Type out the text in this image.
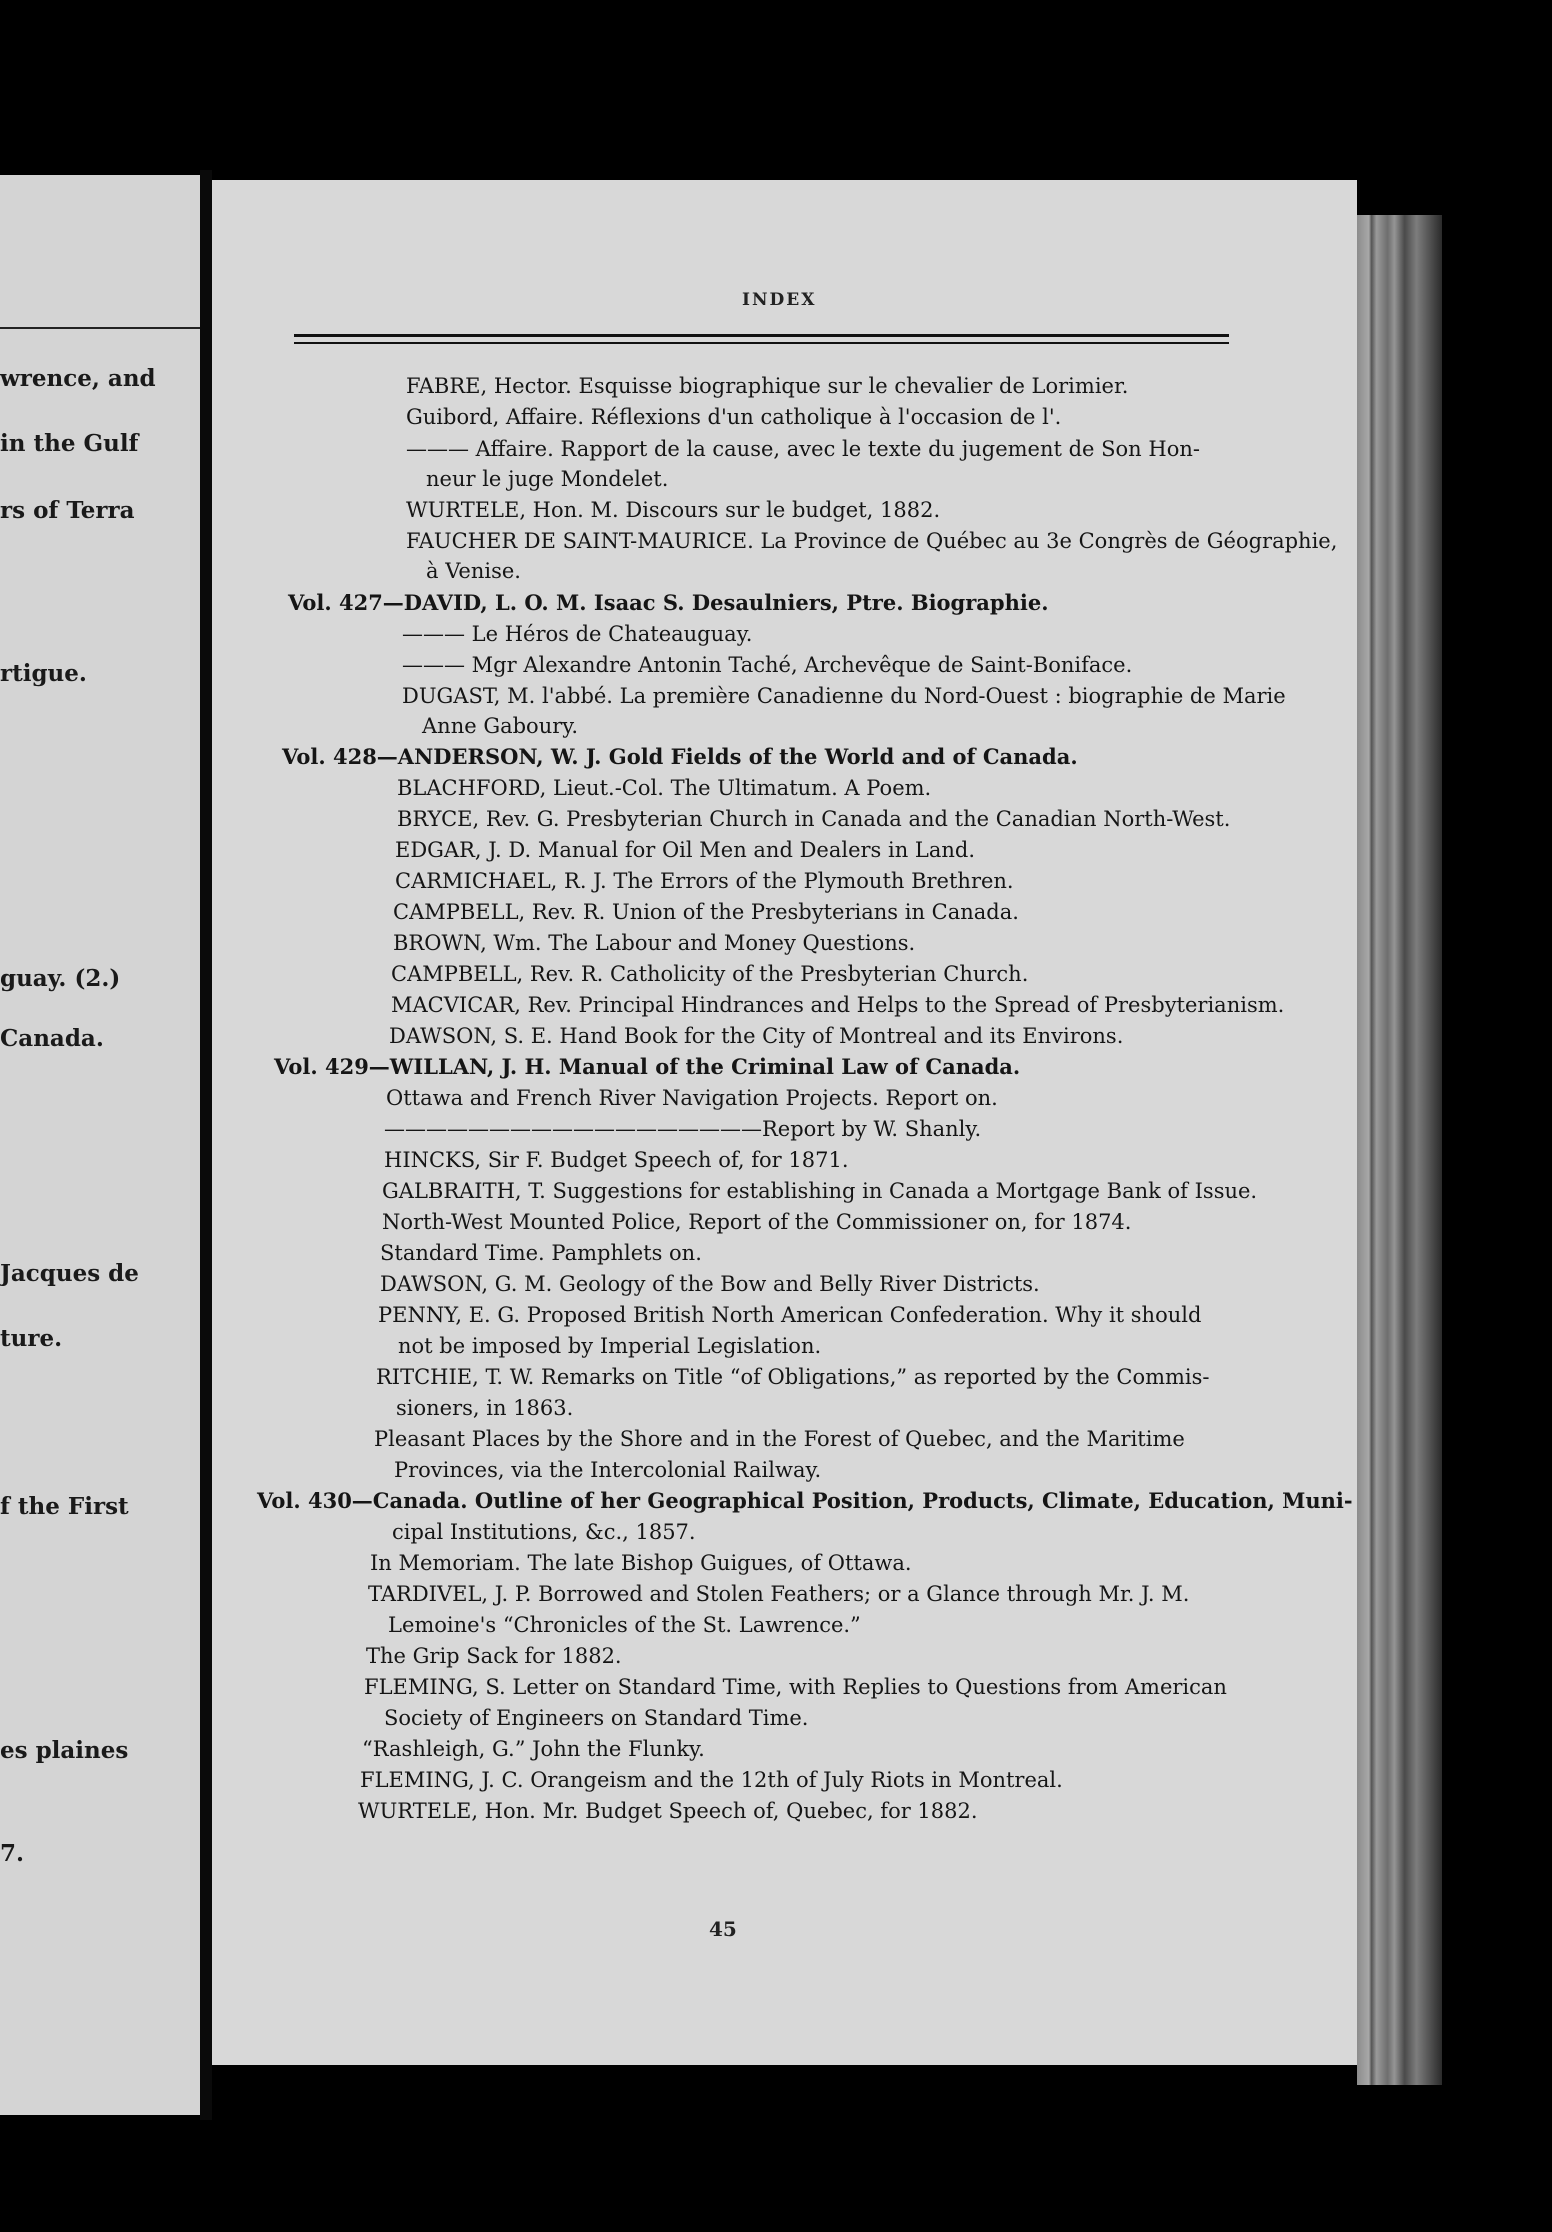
wrence, and
in the Gulf
rs of Terra
rtigue.
guay. (2.)
Canada.
Jacques de
ture.
f the First
es plaines
7.
INDEX
FABRE, Hector. Esquisse biographique sur le chevalier de Lorimier.
Guibord, Affaire. Réflexions d'un catholique à l'occasion de l'.
——— Affaire. Rapport de la cause, avec le texte du jugement de Son Hon-
neur le juge Mondelet.
WURTELE, Hon. M. Discours sur le budget, 1882.
FAUCHER DE SAINT-MAURICE. La Province de Québec au 3e Congrès de Géographie,
à Venise.
Vol. 427—DAVID, L. O. M. Isaac S. Desaulniers, Ptre. Biographie.
——— Le Héros de Chateauguay.
——— Mgr Alexandre Antonin Taché, Archevêque de Saint-Boniface.
DUGAST, M. l'abbé. La première Canadienne du Nord-Ouest : biographie de Marie
Anne Gaboury.
Vol. 428—ANDERSON, W. J. Gold Fields of the World and of Canada.
BLACHFORD, Lieut.-Col. The Ultimatum. A Poem.
BRYCE, Rev. G. Presbyterian Church in Canada and the Canadian North-West.
EDGAR, J. D. Manual for Oil Men and Dealers in Land.
CARMICHAEL, R. J. The Errors of the Plymouth Brethren.
CAMPBELL, Rev. R. Union of the Presbyterians in Canada.
BROWN, Wm. The Labour and Money Questions.
CAMPBELL, Rev. R. Catholicity of the Presbyterian Church.
MACVICAR, Rev. Principal Hindrances and Helps to the Spread of Presbyterianism.
DAWSON, S. E. Hand Book for the City of Montreal and its Environs.
Vol. 429—WILLAN, J. H. Manual of the Criminal Law of Canada.
Ottawa and French River Navigation Projects. Report on.
——————————————————Report by W. Shanly.
HINCKS, Sir F. Budget Speech of, for 1871.
GALBRAITH, T. Suggestions for establishing in Canada a Mortgage Bank of Issue.
North-West Mounted Police, Report of the Commissioner on, for 1874.
Standard Time. Pamphlets on.
DAWSON, G. M. Geology of the Bow and Belly River Districts.
PENNY, E. G. Proposed British North American Confederation. Why it should
not be imposed by Imperial Legislation.
RITCHIE, T. W. Remarks on Title “of Obligations,” as reported by the Commis-
sioners, in 1863.
Pleasant Places by the Shore and in the Forest of Quebec, and the Maritime
Provinces, via the Intercolonial Railway.
Vol. 430—Canada. Outline of her Geographical Position, Products, Climate, Education, Muni-
cipal Institutions, &c., 1857.
In Memoriam. The late Bishop Guigues, of Ottawa.
TARDIVEL, J. P. Borrowed and Stolen Feathers; or a Glance through Mr. J. M.
Lemoine's “Chronicles of the St. Lawrence.”
The Grip Sack for 1882.
FLEMING, S. Letter on Standard Time, with Replies to Questions from American
Society of Engineers on Standard Time.
“Rashleigh, G.” John the Flunky.
FLEMING, J. C. Orangeism and the 12th of July Riots in Montreal.
WURTELE, Hon. Mr. Budget Speech of, Quebec, for 1882.
45
